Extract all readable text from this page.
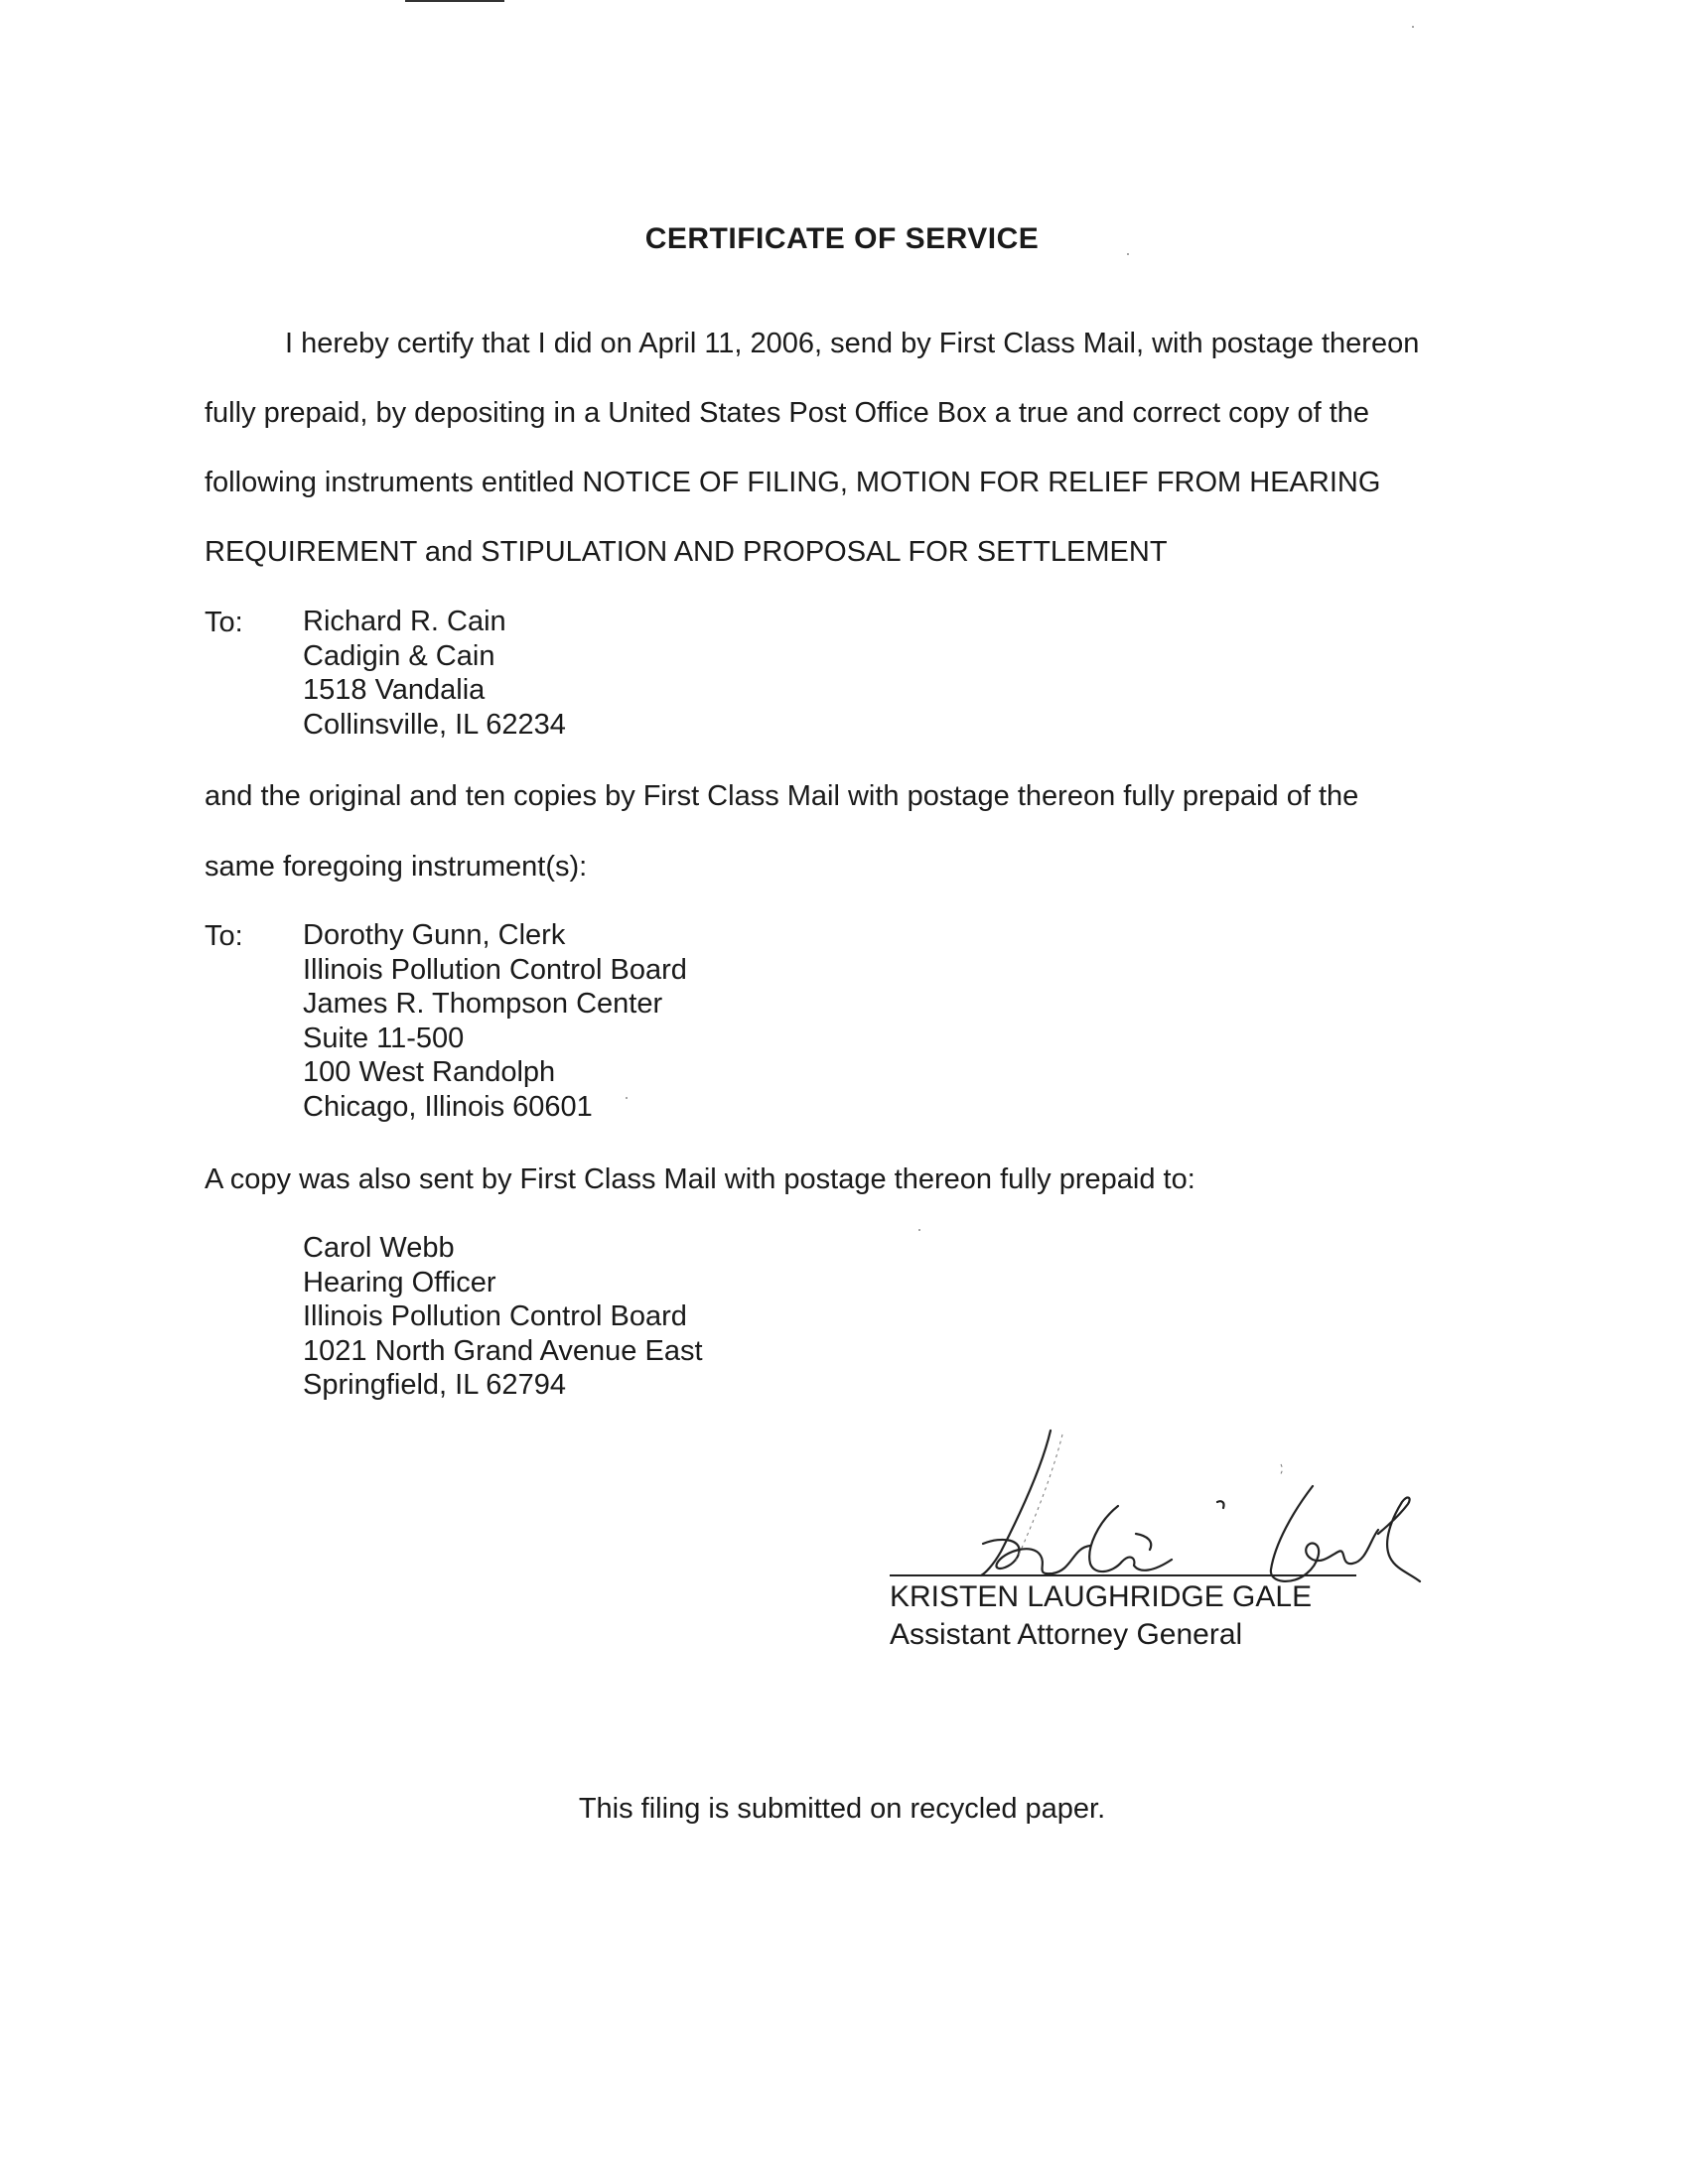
CERTIFICATE OF SERVICE
I hereby certify that I did on April 11, 2006, send by First Class Mail, with postage thereon
fully prepaid, by depositing in a United States Post Office Box a true and correct copy of the
following instruments entitled NOTICE OF FILING, MOTION FOR RELIEF FROM HEARING
REQUIREMENT and STIPULATION AND PROPOSAL FOR SETTLEMENT
To: Richard R. Cain
Cadigin & Cain
1518 Vandalia
Collinsville, IL 62234
and the original and ten copies by First Class Mail with postage thereon fully prepaid of the
same foregoing instrument(s):
To: Dorothy Gunn, Clerk
Illinois Pollution Control Board
James R. Thompson Center
Suite 11-500
100 West Randolph
Chicago, Illinois 60601
A copy was also sent by First Class Mail with postage thereon fully prepaid to:
Carol Webb
Hearing Officer
Illinois Pollution Control Board
1021 North Grand Avenue East
Springfield, IL 62794
KRISTEN LAUGHRIDGE GALE
Assistant Attorney General
This filing is submitted on recycled paper.
